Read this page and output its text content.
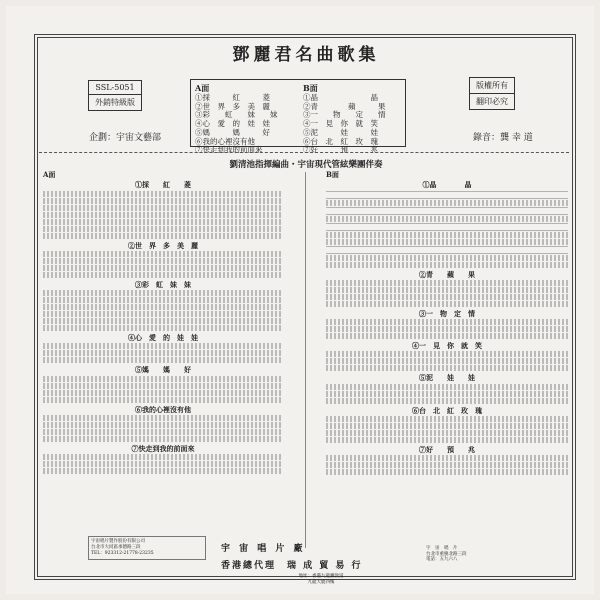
鄧麗君名曲歌集
SSL-5051
外銷特級版
企劃：宇宙文藝部
A面
①採　　　紅　　　菱
②世　界　多　美　麗
③彩　　虹　　妹　　妹
④心　愛　的　娃　娃
⑤媽　　　媽　　　好
⑥我的心裡沒有他
⑦快走到我的前面來
B面
①晶　　　　　　　晶
②青　　　　蘋　　　果
③一　　物　　定　　情
④一　見　你　就　笑
⑤泥　　　娃　　　娃
⑥台　北　紅　玫　瑰
⑦好　　　預　　　兆
版權所有
翻印必究
錄音：龔 幸 道
劉清池指揮編曲・宇宙現代管絃樂團伴奏
A面
①採　　紅　　菱
②世　界　多　美　麗
③彩　虹　妹　妹
④心　愛　的　娃　娃
⑤媽　　媽　　好
⑥我的心裡沒有他
⑦快走到我的前面來
B面
①晶　　　　晶
②青　　蘋　　果
③一　物　定　情
④一　見　你　就　笑
⑤泥　　娃　　娃
⑥台　北　紅　玫　瑰
⑦好　　預　　兆
宇宙唱片製作股份有限公司
台北市大同區承德路三段
TEL：923312-21778-23235	宇 宙 唱 片 廠
香港總代理　瑞 成 貿 易 行
地址：香港九龍彌敦道
九龍大廈四樓
宇　宙　唱　片
台北市重慶北路三段
電話：五九六八
